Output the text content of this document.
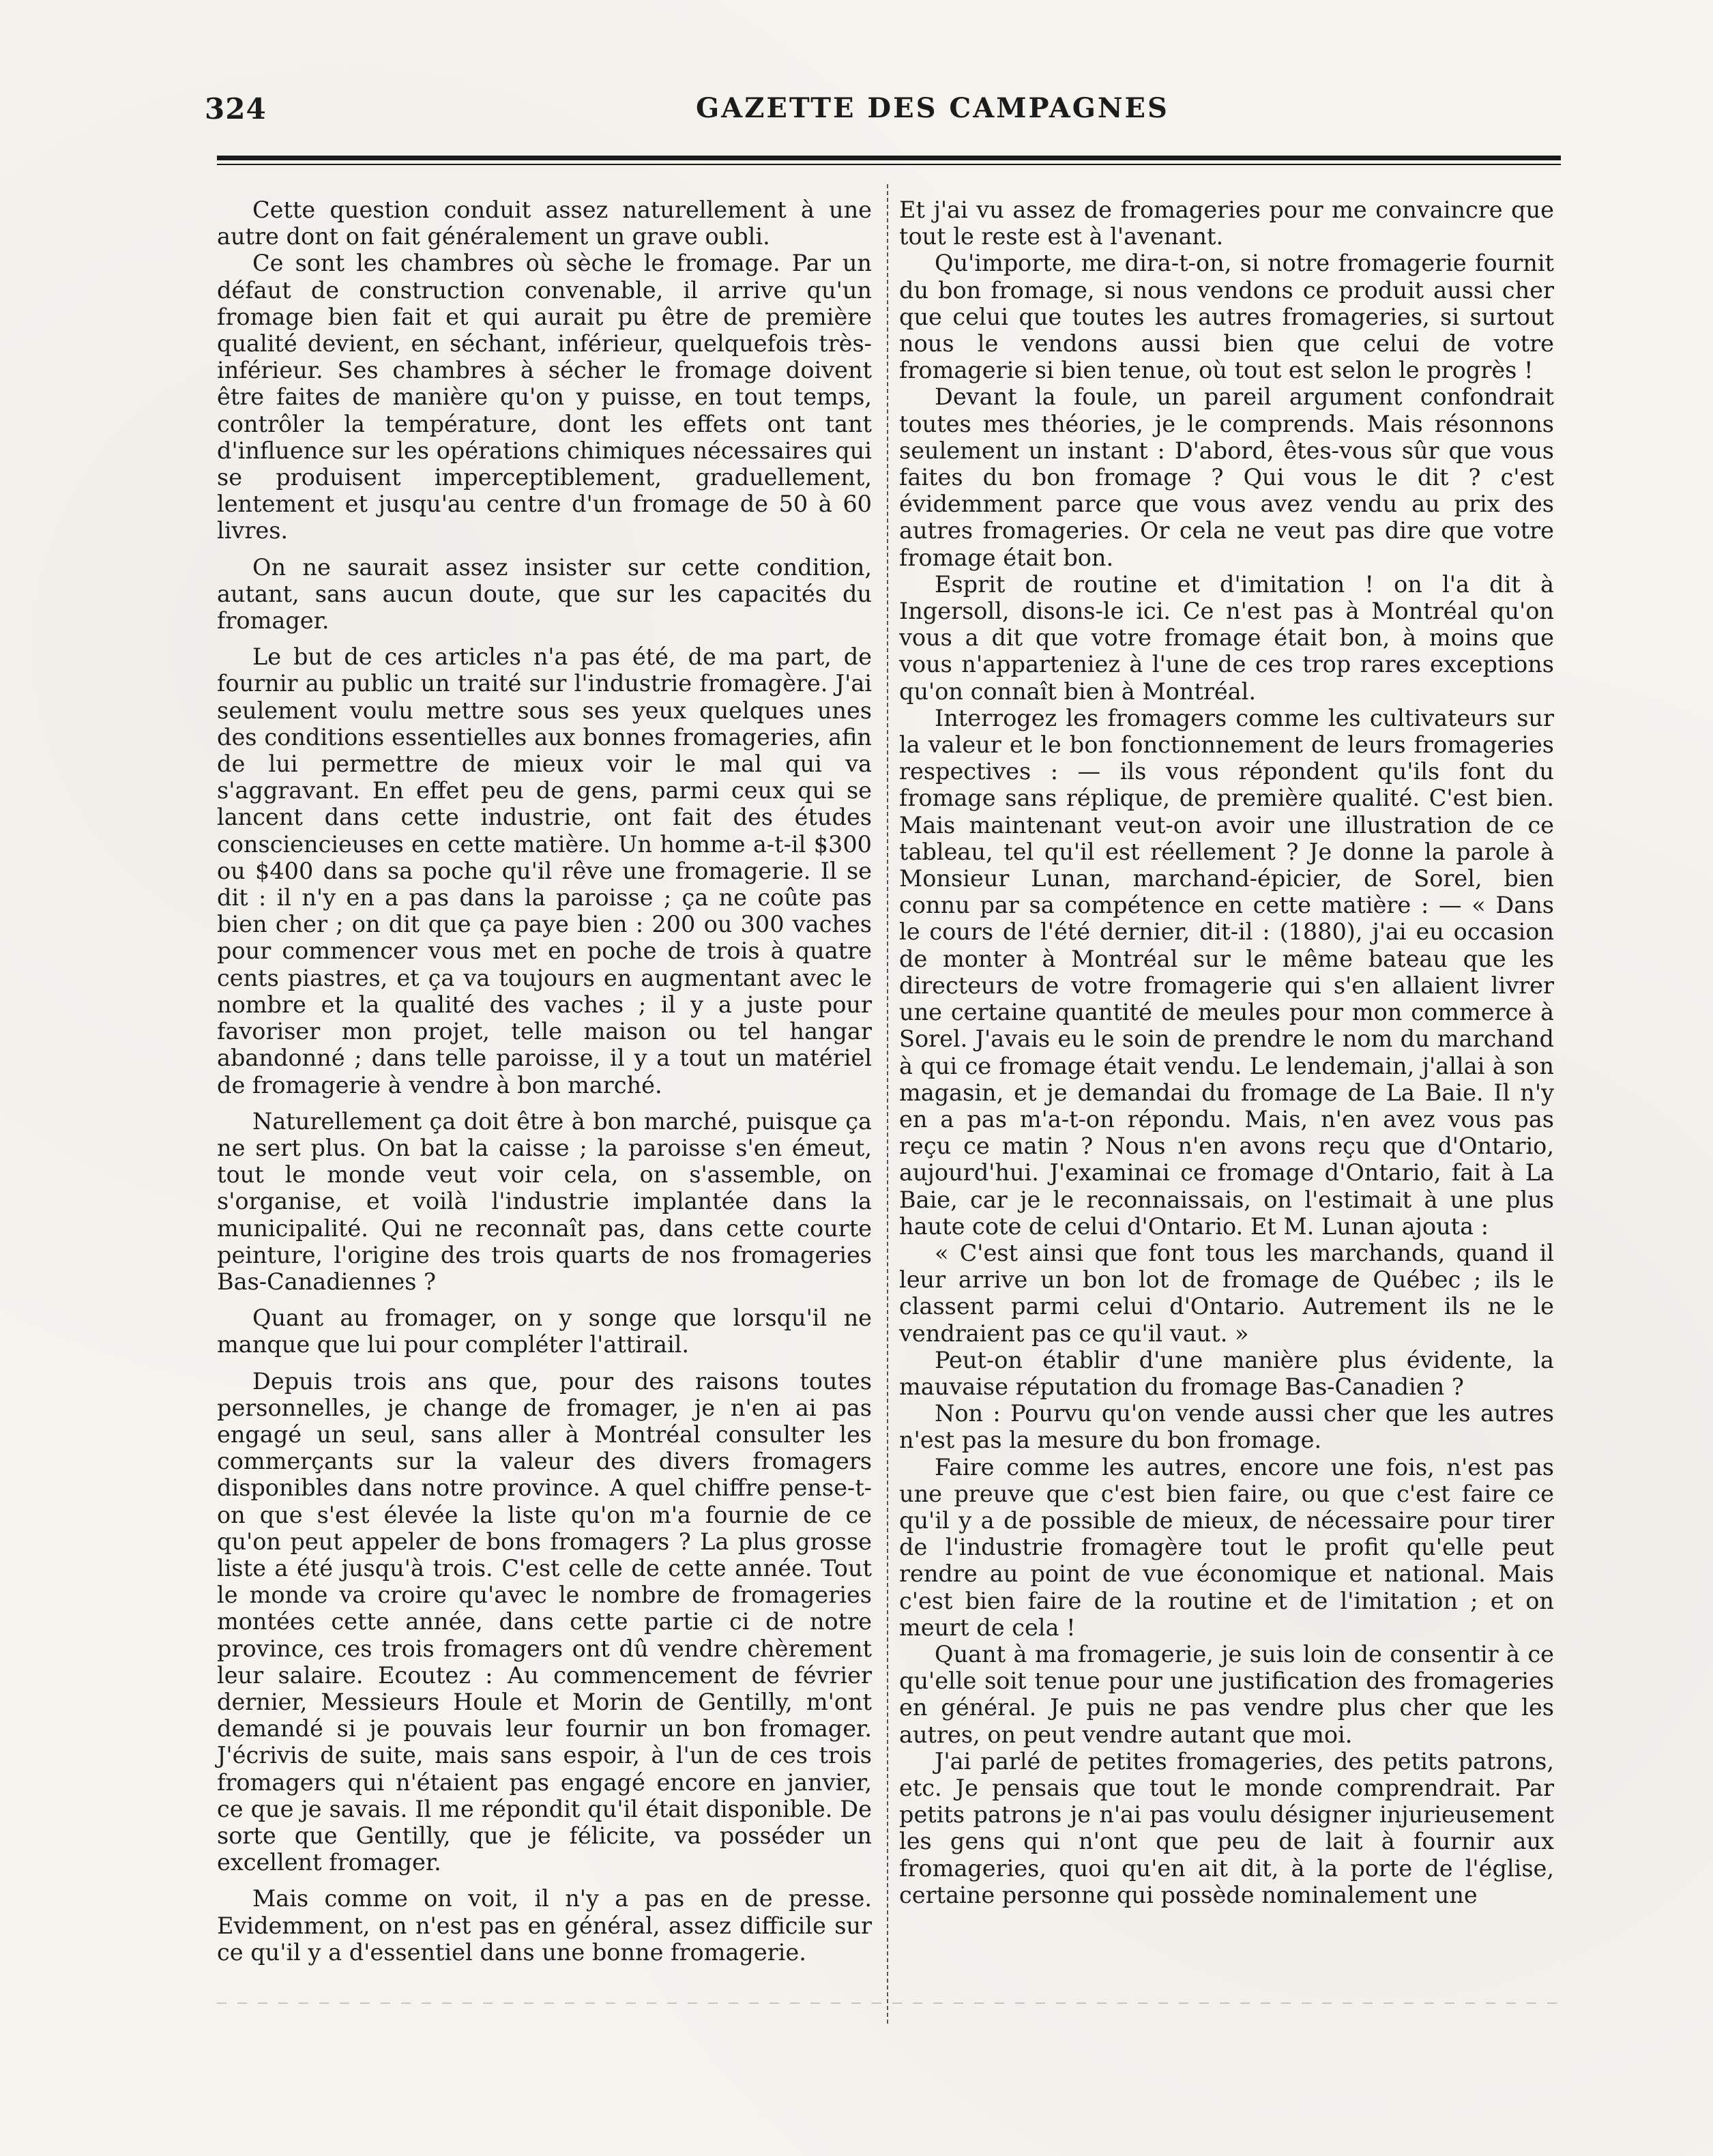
324	GAZETTE DES CAMPAGNES

Cette question conduit assez naturellement à une autre dont on fait généralement un grave oubli.

Ce sont les chambres où sèche le fromage. Par un défaut de construction convenable, il arrive qu'un fromage bien fait et qui aurait pu être de première qualité devient, en séchant, inférieur, quelquefois très-inférieur. Ses chambres à sécher le fromage doivent être faites de manière qu'on y puisse, en tout temps, contrôler la température, dont les effets ont tant d'influence sur les opérations chimiques nécessaires qui se produisent imperceptiblement, graduellement, lentement et jusqu'au centre d'un fromage de 50 à 60 livres.

On ne saurait assez insister sur cette condition, autant, sans aucun doute, que sur les capacités du fromager.

Le but de ces articles n'a pas été, de ma part, de fournir au public un traité sur l'industrie fromagère. J'ai seulement voulu mettre sous ses yeux quelques unes des conditions essentielles aux bonnes fromageries, afin de lui permettre de mieux voir le mal qui va s'aggravant. En effet peu de gens, parmi ceux qui se lancent dans cette industrie, ont fait des études consciencieuses en cette matière. Un homme a-t-il $300 ou $400 dans sa poche qu'il rêve une fromagerie. Il se dit : il n'y en a pas dans la paroisse ; ça ne coûte pas bien cher ; on dit que ça paye bien : 200 ou 300 vaches pour commencer vous met en poche de trois à quatre cents piastres, et ça va toujours en augmentant avec le nombre et la qualité des vaches ; il y a juste pour favoriser mon projet, telle maison ou tel hangar abandonné ; dans telle paroisse, il y a tout un matériel de fromagerie à vendre à bon marché.

Naturellement ça doit être à bon marché, puisque ça ne sert plus. On bat la caisse ; la paroisse s'en émeut, tout le monde veut voir cela, on s'assemble, on s'organise, et voilà l'industrie implantée dans la municipalité. Qui ne reconnaît pas, dans cette courte peinture, l'origine des trois quarts de nos fromageries Bas-Canadiennes ?

Quant au fromager, on y songe que lorsqu'il ne manque que lui pour compléter l'attirail.

Depuis trois ans que, pour des raisons toutes personnelles, je change de fromager, je n'en ai pas engagé un seul, sans aller à Montréal consulter les commerçants sur la valeur des divers fromagers disponibles dans notre province. A quel chiffre pense-t-on que s'est élevée la liste qu'on m'a fournie de ce qu'on peut appeler de bons fromagers ? La plus grosse liste a été jusqu'à trois. C'est celle de cette année. Tout le monde va croire qu'avec le nombre de fromageries montées cette année, dans cette partie ci de notre province, ces trois fromagers ont dû vendre chèrement leur salaire. Ecoutez : Au commencement de février dernier, Messieurs Houle et Morin de Gentilly, m'ont demandé si je pouvais leur fournir un bon fromager. J'écrivis de suite, mais sans espoir, à l'un de ces trois fromagers qui n'étaient pas engagé encore en janvier, ce que je savais. Il me répondit qu'il était disponible. De sorte que Gentilly, que je félicite, va posséder un excellent fromager.

Mais comme on voit, il n'y a pas en de presse. Evidemment, on n'est pas en général, assez difficile sur ce qu'il y a d'essentiel dans une bonne fromagerie.

Et j'ai vu assez de fromageries pour me convaincre que tout le reste est à l'avenant.

Qu'importe, me dira-t-on, si notre fromagerie fournit du bon fromage, si nous vendons ce produit aussi cher que celui que toutes les autres fromageries, si surtout nous le vendons aussi bien que celui de votre fromagerie si bien tenue, où tout est selon le progrès !

Devant la foule, un pareil argument confondrait toutes mes théories, je le comprends. Mais résonnons seulement un instant : D'abord, êtes-vous sûr que vous faites du bon fromage ? Qui vous le dit ? c'est évidemment parce que vous avez vendu au prix des autres fromageries. Or cela ne veut pas dire que votre fromage était bon.

Esprit de routine et d'imitation ! on l'a dit à Ingersoll, disons-le ici. Ce n'est pas à Montréal qu'on vous a dit que votre fromage était bon, à moins que vous n'apparteniez à l'une de ces trop rares exceptions qu'on connaît bien à Montréal.

Interrogez les fromagers comme les cultivateurs sur la valeur et le bon fonctionnement de leurs fromageries respectives : — ils vous répondent qu'ils font du fromage sans réplique, de première qualité. C'est bien. Mais maintenant veut-on avoir une illustration de ce tableau, tel qu'il est réellement ? Je donne la parole à Monsieur Lunan, marchand-épicier, de Sorel, bien connu par sa compétence en cette matière : — « Dans le cours de l'été dernier, dit-il : (1880), j'ai eu occasion de monter à Montréal sur le même bateau que les directeurs de votre fromagerie qui s'en allaient livrer une certaine quantité de meules pour mon commerce à Sorel. J'avais eu le soin de prendre le nom du marchand à qui ce fromage était vendu. Le lendemain, j'allai à son magasin, et je demandai du fromage de La Baie. Il n'y en a pas m'a-t-on répondu. Mais, n'en avez vous pas reçu ce matin ? Nous n'en avons reçu que d'Ontario, aujourd'hui. J'examinai ce fromage d'Ontario, fait à La Baie, car je le reconnaissais, on l'estimait à une plus haute cote de celui d'Ontario. Et M. Lunan ajouta :

« C'est ainsi que font tous les marchands, quand il leur arrive un bon lot de fromage de Québec ; ils le classent parmi celui d'Ontario. Autrement ils ne le vendraient pas ce qu'il vaut. »

Peut-on établir d'une manière plus évidente, la mauvaise réputation du fromage Bas-Canadien ?

Non : Pourvu qu'on vende aussi cher que les autres n'est pas la mesure du bon fromage.

Faire comme les autres, encore une fois, n'est pas une preuve que c'est bien faire, ou que c'est faire ce qu'il y a de possible de mieux, de nécessaire pour tirer de l'industrie fromagère tout le profit qu'elle peut rendre au point de vue économique et national. Mais c'est bien faire de la routine et de l'imitation ; et on meurt de cela !

Quant à ma fromagerie, je suis loin de consentir à ce qu'elle soit tenue pour une justification des fromageries en général. Je puis ne pas vendre plus cher que les autres, on peut vendre autant que moi.

J'ai parlé de petites fromageries, des petits patrons, etc. Je pensais que tout le monde comprendrait. Par petits patrons je n'ai pas voulu désigner injurieusement les gens qui n'ont que peu de lait à fournir aux fromageries, quoi qu'en ait dit, à la porte de l'église, certaine personne qui possède nominalement une
